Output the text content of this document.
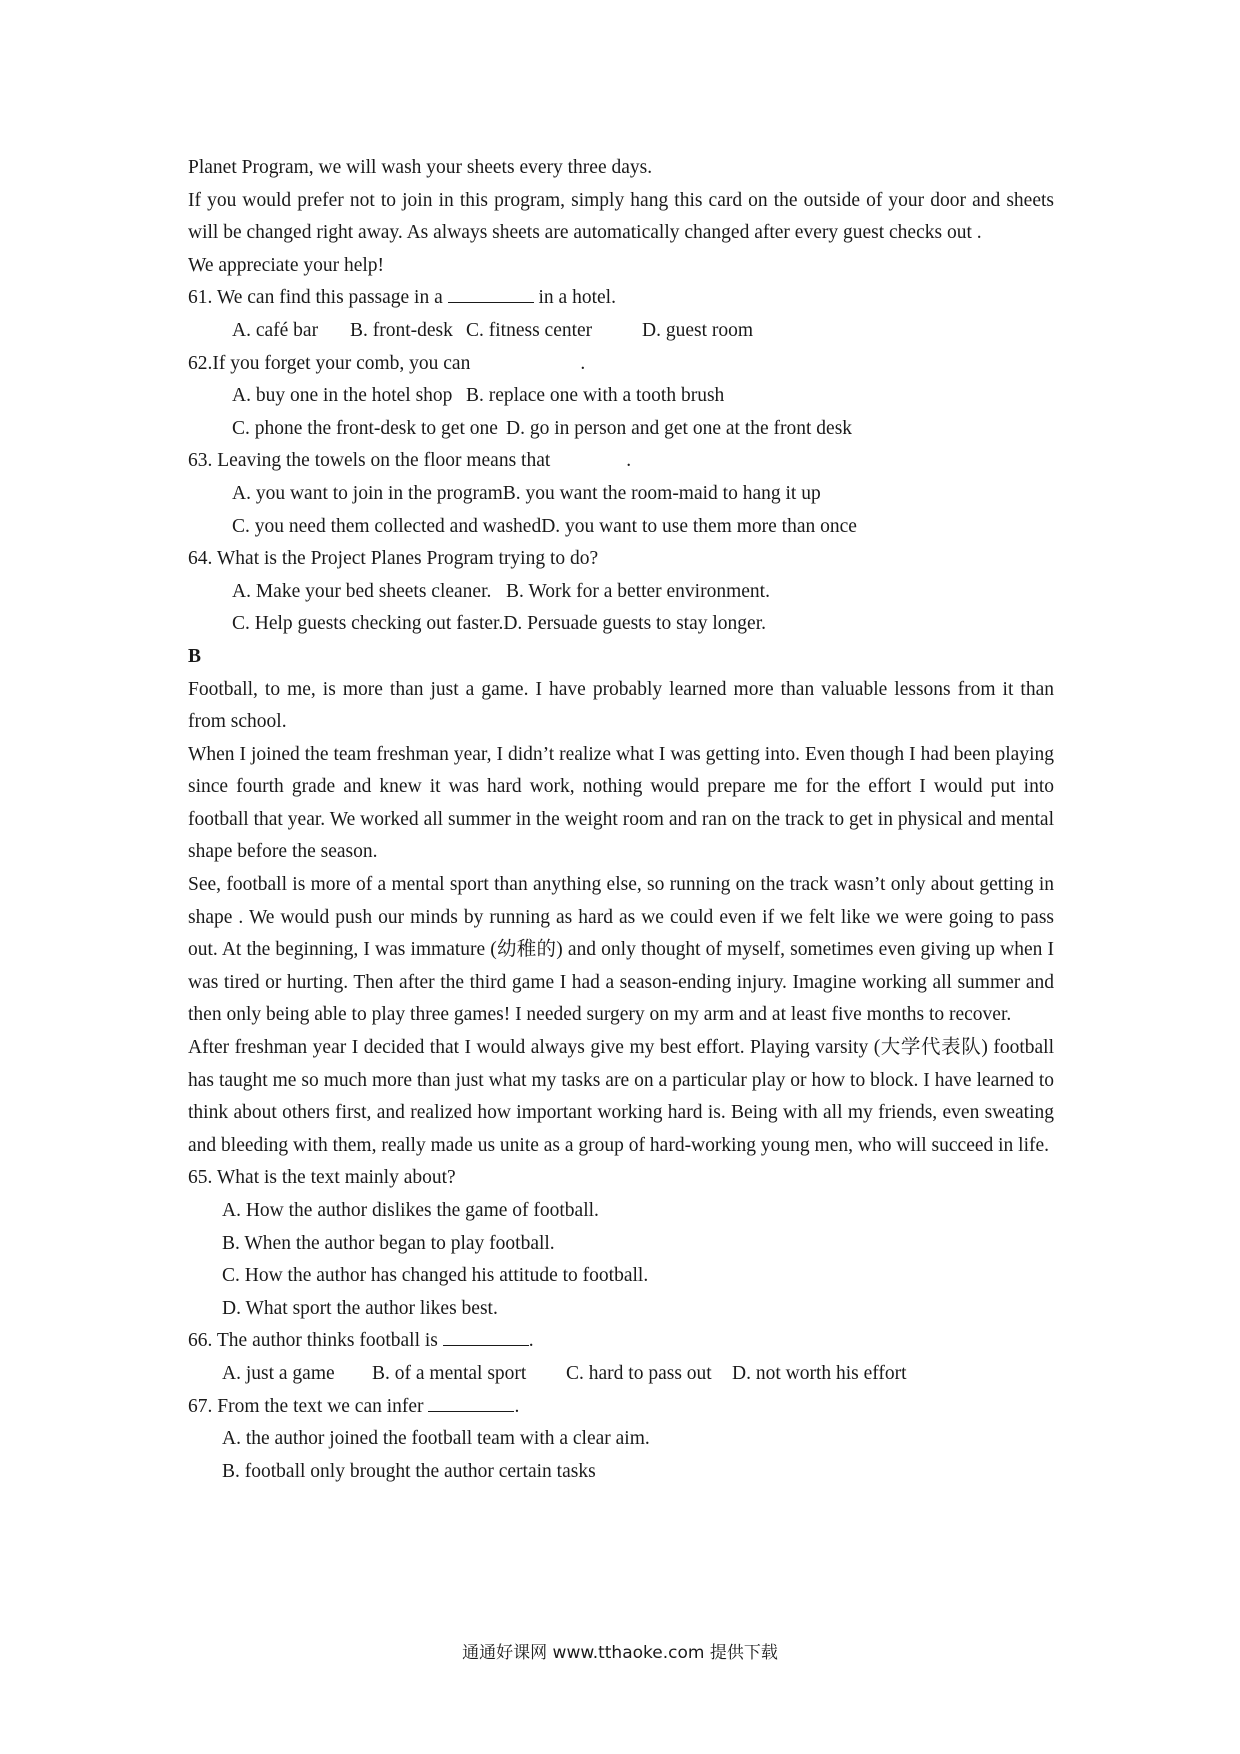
Planet Program, we will wash your sheets every three days.

If you would prefer not to join in this program, simply hang this card on the outside of your door and sheets will be changed right away. As always sheets are automatically changed after every guest checks out .

We appreciate your help!

61. We can find this passage in a	in a hotel.
A. café bar B. front-desk C. fitness center	D. guest room
62.If you forget your comb, you can	.
A. buy one in the hotel shop B. replace one with a tooth brush
C. phone the front-desk to get one D. go in person and get one at the front desk
63. Leaving the towels on the floor means that	.
A. you want to join in the programB. you want the room-maid to hang it up
C. you need them collected and washedD. you want to use them more than once
64. What is the Project Planes Program trying to do?
A. Make your bed sheets cleaner. B. Work for a better environment.
C. Help guests checking out faster.D. Persuade guests to stay longer.

B

Football, to me, is more than just a game. I have probably learned more than valuable lessons from it than from school.

When I joined the team freshman year, I didn’t realize what I was getting into. Even though I had been playing since fourth grade and knew it was hard work, nothing would prepare me for the effort I would put into football that year. We worked all summer in the weight room and ran on the track to get in physical and mental shape before the season.

See, football is more of a mental sport than anything else, so running on the track wasn’t only about getting in shape . We would push our minds by running as hard as we could even if we felt like we were going to pass out. At the beginning, I was immature (幼稚的) and only thought of myself, sometimes even giving up when I was tired or hurting. Then after the third game I had a season-ending injury. Imagine working all summer and then only being able to play three games! I needed surgery on my arm and at least five months to recover.

After freshman year I decided that I would always give my best effort. Playing varsity (大学代表队) football has taught me so much more than just what my tasks are on a particular play or how to block. I have learned to think about others first, and realized how important working hard is. Being with all my friends, even sweating and bleeding with them, really made us unite as a group of hard-working young men, who will succeed in life.

65. What is the text mainly about?
A. How the author dislikes the game of football.
B. When the author began to play football.
C. How the author has changed his attitude to football.
D. What sport the author likes best.
66. The author thinks football is	.
A. just a game B. of a mental sport C. hard to pass out D. not worth his effort
67. From the text we can infer	.
A. the author joined the football team with a clear aim.
B. football only brought the author certain tasks
通通好课网 www.tthaoke.com 提供下载
